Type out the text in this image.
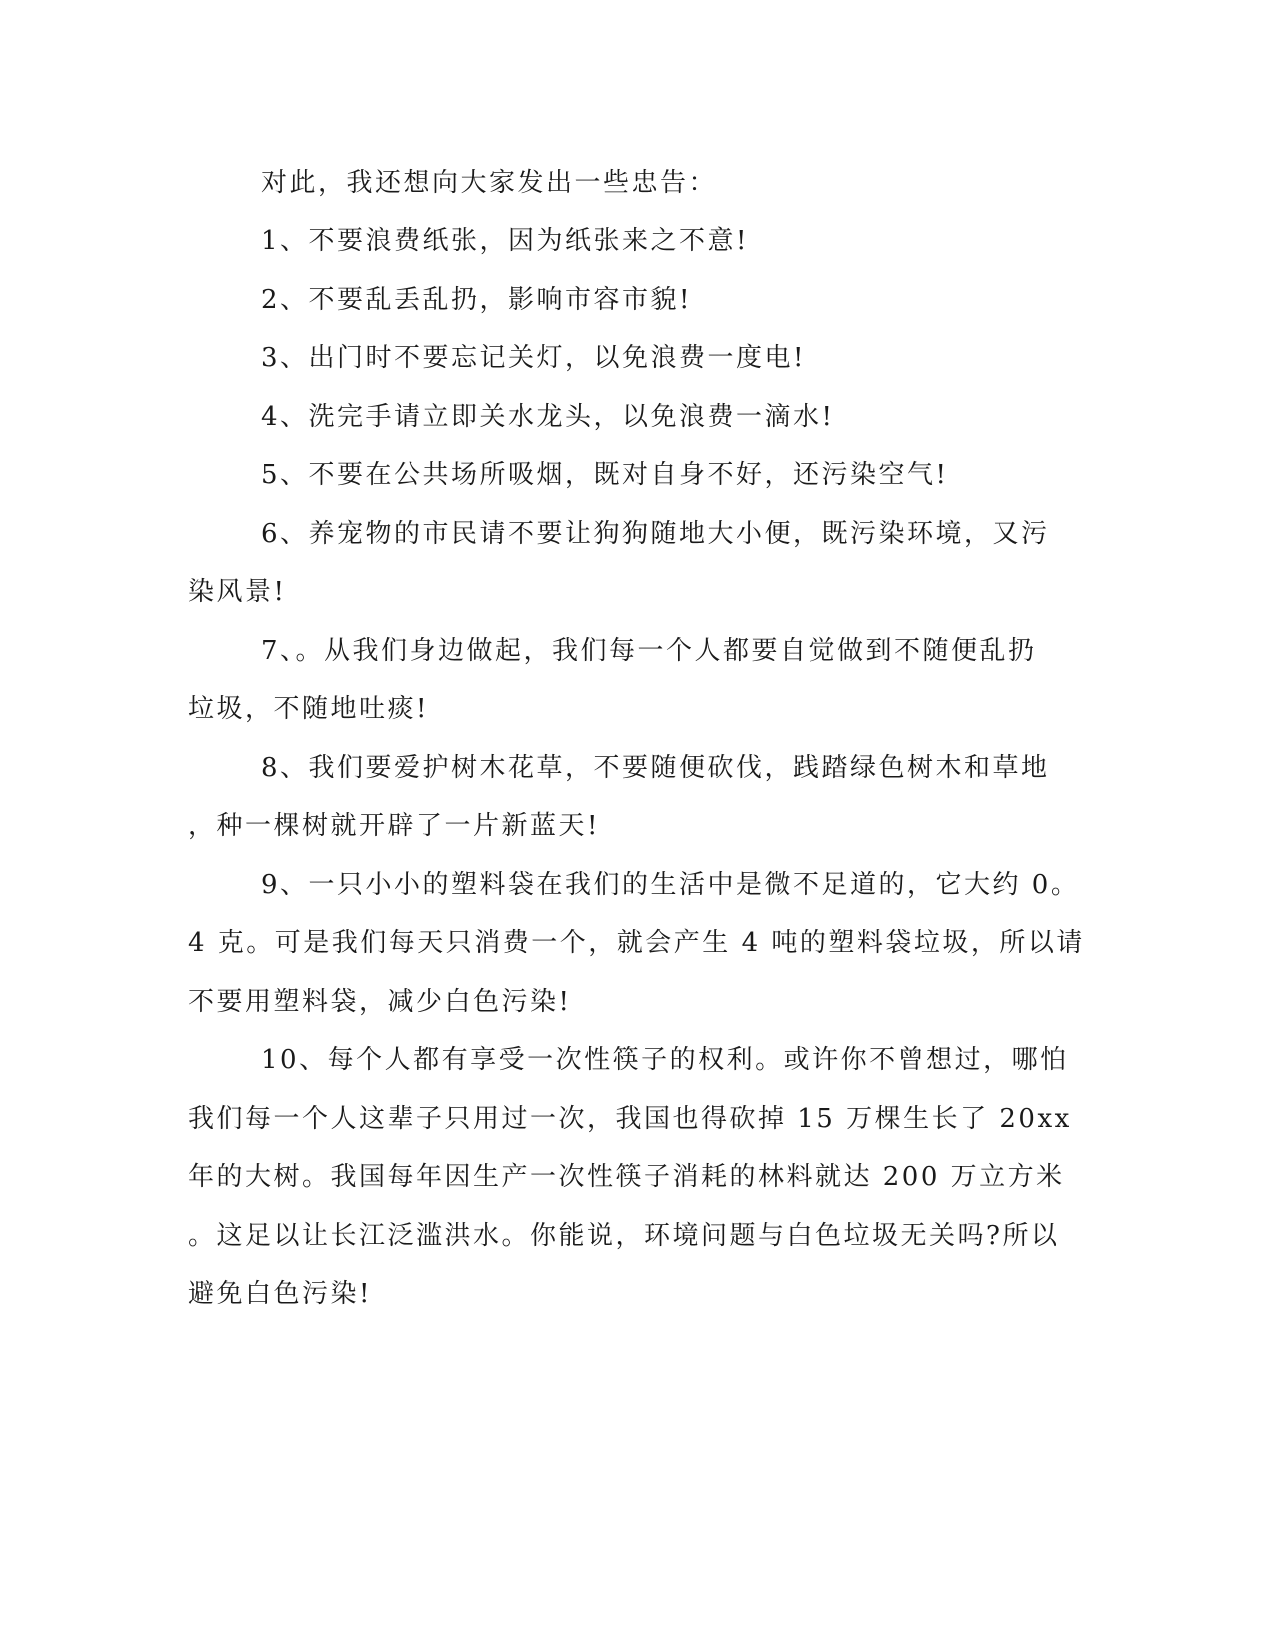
对此，我还想向大家发出一些忠告：

1、不要浪费纸张，因为纸张来之不意!

2、不要乱丢乱扔，影响市容市貌!

3、出门时不要忘记关灯，以免浪费一度电!

4、洗完手请立即关水龙头，以免浪费一滴水!

5、不要在公共场所吸烟，既对自身不好，还污染空气!

6、养宠物的市民请不要让狗狗随地大小便，既污染环境，又污

染风景!

7、。从我们身边做起，我们每一个人都要自觉做到不随便乱扔

垃圾，不随地吐痰!

8、我们要爱护树木花草，不要随便砍伐，践踏绿色树木和草地

，种一棵树就开辟了一片新蓝天!

9、一只小小的塑料袋在我们的生活中是微不足道的，它大约 0。

4 克。可是我们每天只消费一个，就会产生 4 吨的塑料袋垃圾，所以请

不要用塑料袋，减少白色污染!

10、每个人都有享受一次性筷子的权利。或许你不曾想过，哪怕

我们每一个人这辈子只用过一次，我国也得砍掉 15 万棵生长了 20xx

年的大树。我国每年因生产一次性筷子消耗的林料就达 200 万立方米

。这足以让长江泛滥洪水。你能说，环境问题与白色垃圾无关吗?所以

避免白色污染!
